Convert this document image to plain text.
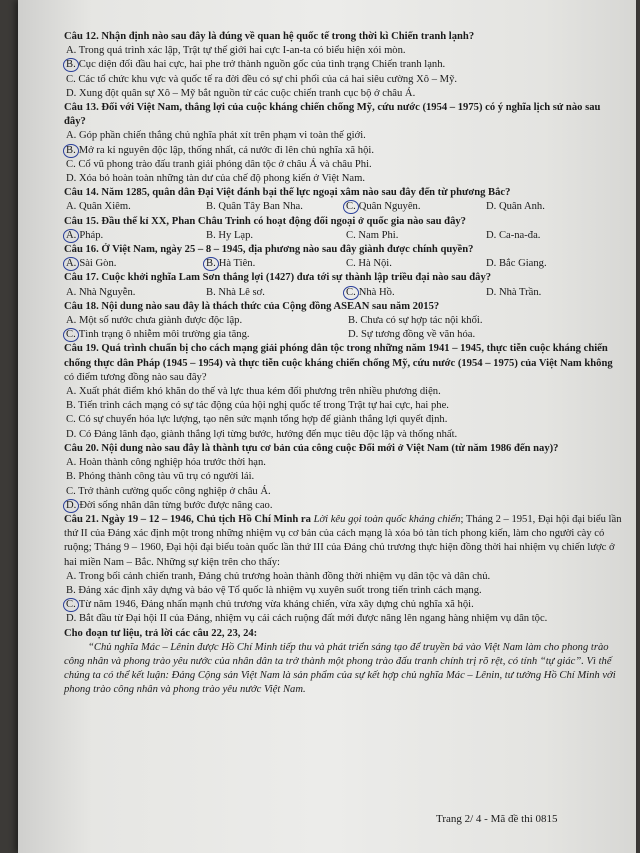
Câu 12. Nhận định nào sau đây là đúng về quan hệ quốc tế trong thời kì Chiến tranh lạnh?
A. Trong quá trình xác lập, Trật tự thế giới hai cực I-an-ta có biểu hiện xói mòn.
B. Cục diện đối đầu hai cực, hai phe trở thành nguồn gốc của tình trạng Chiến tranh lạnh.
C. Các tổ chức khu vực và quốc tế ra đời đều có sự chi phối của cả hai siêu cường Xô – Mỹ.
D. Xung đột quân sự Xô – Mỹ bắt nguồn từ các cuộc chiến tranh cục bộ ở châu Á.
Câu 13. Đối với Việt Nam, thắng lợi của cuộc kháng chiến chống Mỹ, cứu nước (1954 – 1975) có ý nghĩa lịch sử nào sau đây?
A. Góp phần chiến thắng chủ nghĩa phát xít trên phạm vi toàn thế giới.
B. Mở ra kỉ nguyên độc lập, thống nhất, cả nước đi lên chủ nghĩa xã hội.
C. Cổ vũ phong trào đấu tranh giải phóng dân tộc ở châu Á và châu Phi.
D. Xóa bỏ hoàn toàn những tàn dư của chế độ phong kiến ở Việt Nam.
Câu 14. Năm 1285, quân dân Đại Việt đánh bại thế lực ngoại xâm nào sau đây đến từ phương Bắc?
A. Quân Xiêm.	B. Quân Tây Ban Nha.	C. Quân Nguyên.	D. Quân Anh.
Câu 15. Đầu thế kỉ XX, Phan Châu Trinh có hoạt động đối ngoại ở quốc gia nào sau đây?
A. Pháp.	B. Hy Lạp.	C. Nam Phi.	D. Ca-na-đa.
Câu 16. Ở Việt Nam, ngày 25 – 8 – 1945, địa phương nào sau đây giành được chính quyền?
A. Sài Gòn.	B. Hà Tiên.	C. Hà Nội.	D. Bắc Giang.
Câu 17. Cuộc khởi nghĩa Lam Sơn thắng lợi (1427) đưa tới sự thành lập triều đại nào sau đây?
A. Nhà Nguyễn.	B. Nhà Lê sơ.	C. Nhà Hồ.	D. Nhà Trần.
Câu 18. Nội dung nào sau đây là thách thức của Cộng đồng ASEAN sau năm 2015?
A. Một số nước chưa giành được độc lập.	B. Chưa có sự hợp tác nội khối.
C. Tình trạng ô nhiễm môi trường gia tăng.	D. Sự tương đồng về văn hóa.
Câu 19. Quá trình chuẩn bị cho cách mạng giải phóng dân tộc trong những năm 1941 – 1945, thực tiễn cuộc kháng chiến chống thực dân Pháp (1945 – 1954) và thực tiễn cuộc kháng chiến chống Mỹ, cứu nước (1954 – 1975) của Việt Nam không có điểm tương đồng nào sau đây?
A. Xuất phát điểm khó khăn do thế và lực thua kém đối phương trên nhiều phương diện.
B. Tiến trình cách mạng có sự tác động của hội nghị quốc tế trong Trật tự hai cực, hai phe.
C. Có sự chuyển hóa lực lượng, tạo nên sức mạnh tổng hợp để giành thắng lợi quyết định.
D. Có Đảng lãnh đạo, giành thắng lợi từng bước, hướng đến mục tiêu độc lập và thống nhất.
Câu 20. Nội dung nào sau đây là thành tựu cơ bản của công cuộc Đổi mới ở Việt Nam (từ năm 1986 đến nay)?
A. Hoàn thành công nghiệp hóa trước thời hạn.
B. Phóng thành công tàu vũ trụ có người lái.
C. Trở thành cường quốc công nghiệp ở châu Á.
D. Đời sống nhân dân từng bước được nâng cao.
Câu 21. Ngày 19 – 12 – 1946, Chủ tịch Hồ Chí Minh ra Lời kêu gọi toàn quốc kháng chiến; Tháng 2 – 1951, Đại hội đại biểu lần thứ II của Đảng xác định một trong những nhiệm vụ cơ bản của cách mạng là xóa bỏ tàn tích phong kiến, làm cho người cày có ruộng; Tháng 9 – 1960, Đại hội đại biểu toàn quốc lần thứ III của Đảng chủ trương thực hiện đồng thời hai nhiệm vụ chiến lược ở hai miền Nam – Bắc. Những sự kiện trên cho thấy:
A. Trong bối cảnh chiến tranh, Đảng chủ trương hoàn thành đồng thời nhiệm vụ dân tộc và dân chủ.
B. Đảng xác định xây dựng và bảo vệ Tổ quốc là nhiệm vụ xuyên suốt trong tiến trình cách mạng.
C. Từ năm 1946, Đảng nhấn mạnh chủ trương vừa kháng chiến, vừa xây dựng chủ nghĩa xã hội.
D. Bắt đầu từ Đại hội II của Đảng, nhiệm vụ cải cách ruộng đất mới được nâng lên ngang hàng nhiệm vụ dân tộc.
Cho đoạn tư liệu, trả lời các câu 22, 23, 24:
“Chủ nghĩa Mác – Lênin được Hồ Chí Minh tiếp thu và phát triển sáng tạo để truyền bá vào Việt Nam làm cho phong trào công nhân và phong trào yêu nước của nhân dân ta trở thành một phong trào đấu tranh chính trị rõ rệt, có tính “tự giác”. Vì thế chúng ta có thể kết luận: Đảng Cộng sản Việt Nam là sản phẩm của sự kết hợp chủ nghĩa Mác – Lênin, tư tưởng Hồ Chí Minh với phong trào công nhân và phong trào yêu nước Việt Nam.
Trang 2/ 4 - Mã đề thi 0815
